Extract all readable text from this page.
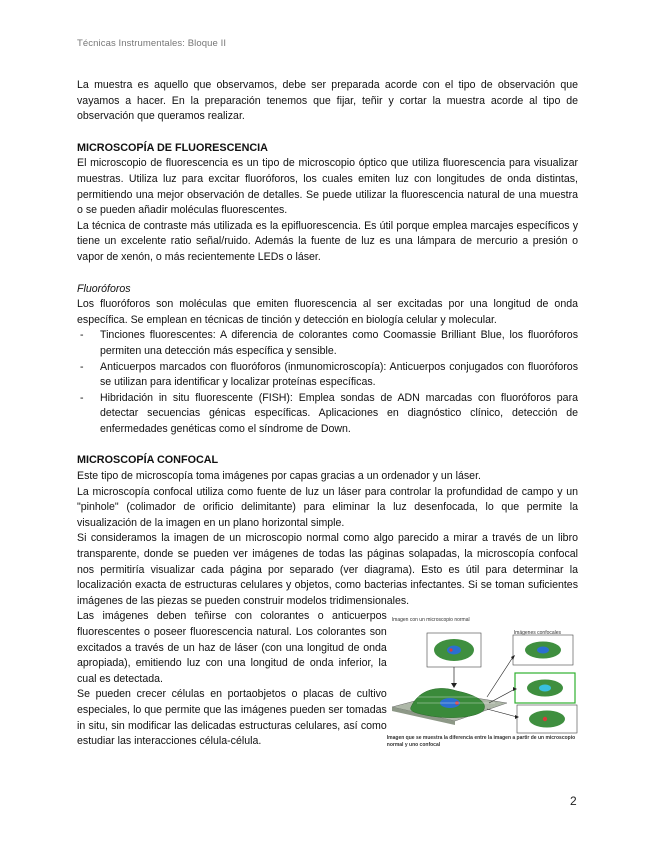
Técnicas Instrumentales: Bloque II

La muestra es aquello que observamos, debe ser preparada acorde con el tipo de observación que vayamos a hacer. En la preparación tenemos que fijar, teñir y cortar la muestra acorde al tipo de observación que queramos realizar.

MICROSCOPÍA DE FLUORESCENCIA

El microscopio de fluorescencia es un tipo de microscopio óptico que utiliza fluorescencia para visualizar muestras. Utiliza luz para excitar fluoróforos, los cuales emiten luz con longitudes de onda distintas, permitiendo una mejor observación de detalles. Se puede utilizar la fluorescencia natural de una muestra o se pueden añadir moléculas fluorescentes.

La técnica de contraste más utilizada es la epifluorescencia. Es útil porque emplea marcajes específicos y tiene un excelente ratio señal/ruido. Además la fuente de luz es una lámpara de mercurio a presión o vapor de xenón, o más recientemente LEDs o láser.

Fluoróforos

Los fluoróforos son moléculas que emiten fluorescencia al ser excitadas por una longitud de onda específica. Se emplean en técnicas de tinción y detección en biología celular y molecular.

- Tinciones fluorescentes: A diferencia de colorantes como Coomassie Brilliant Blue, los fluoróforos permiten una detección más específica y sensible.
- Anticuerpos marcados con fluoróforos (inmunomicroscopía): Anticuerpos conjugados con fluoróforos se utilizan para identificar y localizar proteínas específicas.
- Hibridación in situ fluorescente (FISH): Emplea sondas de ADN marcadas con fluoróforos para detectar secuencias génicas específicas. Aplicaciones en diagnóstico clínico, detección de enfermedades genéticas como el síndrome de Down.

MICROSCOPÍA CONFOCAL

Este tipo de microscopía toma imágenes por capas gracias a un ordenador y un láser.

La microscopía confocal utiliza como fuente de luz un láser para controlar la profundidad de campo y un "pinhole" (colimador de orificio delimitante) para eliminar la luz desenfocada, lo que permite la visualización de la imagen en un plano horizontal simple.

Si consideramos la imagen de un microscopio normal como algo parecido a mirar a través de un libro transparente, donde se pueden ver imágenes de todas las páginas solapadas, la microscopía confocal nos permitiría visualizar cada página por separado (ver diagrama). Esto es útil para determinar la localización exacta de estructuras celulares y objetos, como bacterias infectantes. Si se toman suficientes imágenes de las piezas se pueden construir modelos tridimensionales.

Las imágenes deben teñirse con colorantes o anticuerpos fluorescentes o poseer fluorescencia natural. Los colorantes son excitados a través de un haz de láser (con una longitud de onda apropiada), emitiendo luz con una longitud de onda inferior, la cual es detectada.

Se pueden crecer células en portaobjetos o placas de cultivo especiales, lo que permite que las imágenes pueden ser tomadas in situ, sin modificar las delicadas estructuras celulares, así como estudiar las interacciones célula-célula.

Imagen con un microscopio normal
Imágenes confocales
Imagen que se muestra la diferencia entre la imagen a partir de un microscopio normal y uno confocal
2
